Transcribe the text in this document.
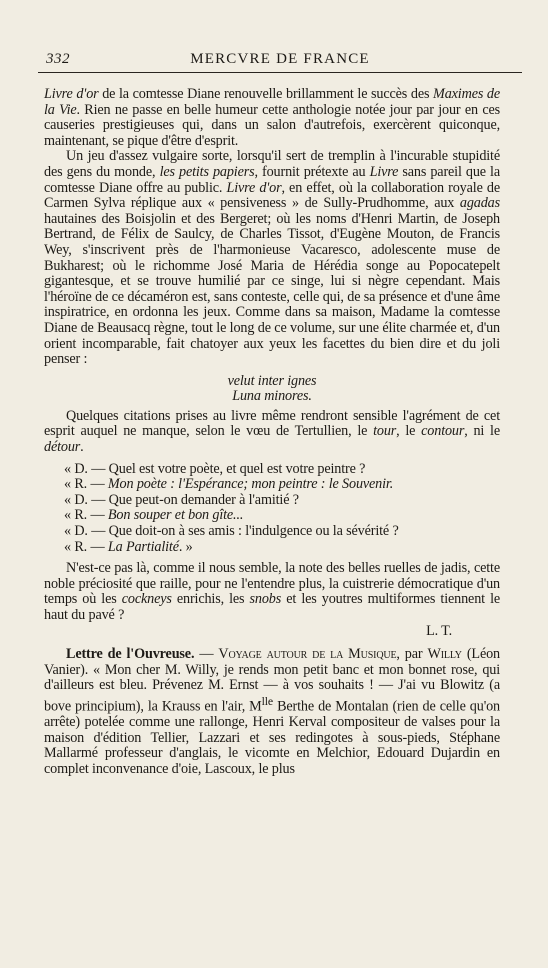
332	MERCVRE DE FRANCE

Livre d'or de la comtesse Diane renouvelle brillamment le succès des Maximes de la Vie. Rien ne passe en belle humeur cette anthologie notée jour par jour en ces causeries prestigieuses qui, dans un salon d'autrefois, exercèrent quiconque, maintenant, se pique d'être d'esprit.

Un jeu d'assez vulgaire sorte, lorsqu'il sert de tremplin à l'incurable stupidité des gens du monde, les petits papiers, fournit prétexte au Livre sans pareil que la comtesse Diane offre au public. Livre d'or, en effet, où la collaboration royale de Carmen Sylva réplique aux « pensiveness » de Sully-Prudhomme, aux agadas hautaines des Boisjolin et des Bergeret; où les noms d'Henri Martin, de Joseph Bertrand, de Félix de Saulcy, de Charles Tissot, d'Eugène Mouton, de Francis Wey, s'inscrivent près de l'harmonieuse Vacaresco, adolescente muse de Bukharest; où le richomme José Maria de Hérédia songe au Popocatepelt gigantesque, et se trouve humilié par ce singe, lui si nègre cependant. Mais l'héroïne de ce décaméron est, sans conteste, celle qui, de sa présence et d'une âme inspiratrice, en ordonna les jeux. Comme dans sa maison, Madame la comtesse Diane de Beausacq règne, tout le long de ce volume, sur une élite charmée et, d'un orient incomparable, fait chatoyer aux yeux les facettes du bien dire et du joli penser :

velut inter ignes
Luna minores.

Quelques citations prises au livre même rendront sensible l'agrément de cet esprit auquel ne manque, selon le vœu de Tertullien, le tour, le contour, ni le détour.

« D. — Quel est votre poète, et quel est votre peintre ?
« R. — Mon poète : l'Espérance; mon peintre : le Souvenir.
« D. — Que peut-on demander à l'amitié ?
« R. — Bon souper et bon gîte...
« D. — Que doit-on à ses amis : l'indulgence ou la sévérité ?
« R. — La Partialité. »

N'est-ce pas là, comme il nous semble, la note des belles ruelles de jadis, cette noble préciosité que raille, pour ne l'entendre plus, la cuistrerie démocratique d'un temps où les cockneys enrichis, les snobs et les youtres multiformes tiennent le haut du pavé ?

L. T.

Lettre de l'Ouvreuse. — Voyage autour de la Musique, par Willy (Léon Vanier). « Mon cher M. Willy, je rends mon petit banc et mon bonnet rose, qui d'ailleurs est bleu. Prévenez M. Ernst — à vos souhaits ! — J'ai vu Blowitz (a bove principium), la Krauss en l'air, $M^{lle}$ Berthe de Montalan (rien de celle qu'on arrête) potelée comme une rallonge, Henri Kerval compositeur de valses pour la maison d'édition Tellier, Lazzari et ses redingotes à sous-pieds, Stéphane Mallarmé professeur d'anglais, le vicomte en Melchior, Edouard Dujardin en complet inconvenance d'oie, Lascoux, le plus
